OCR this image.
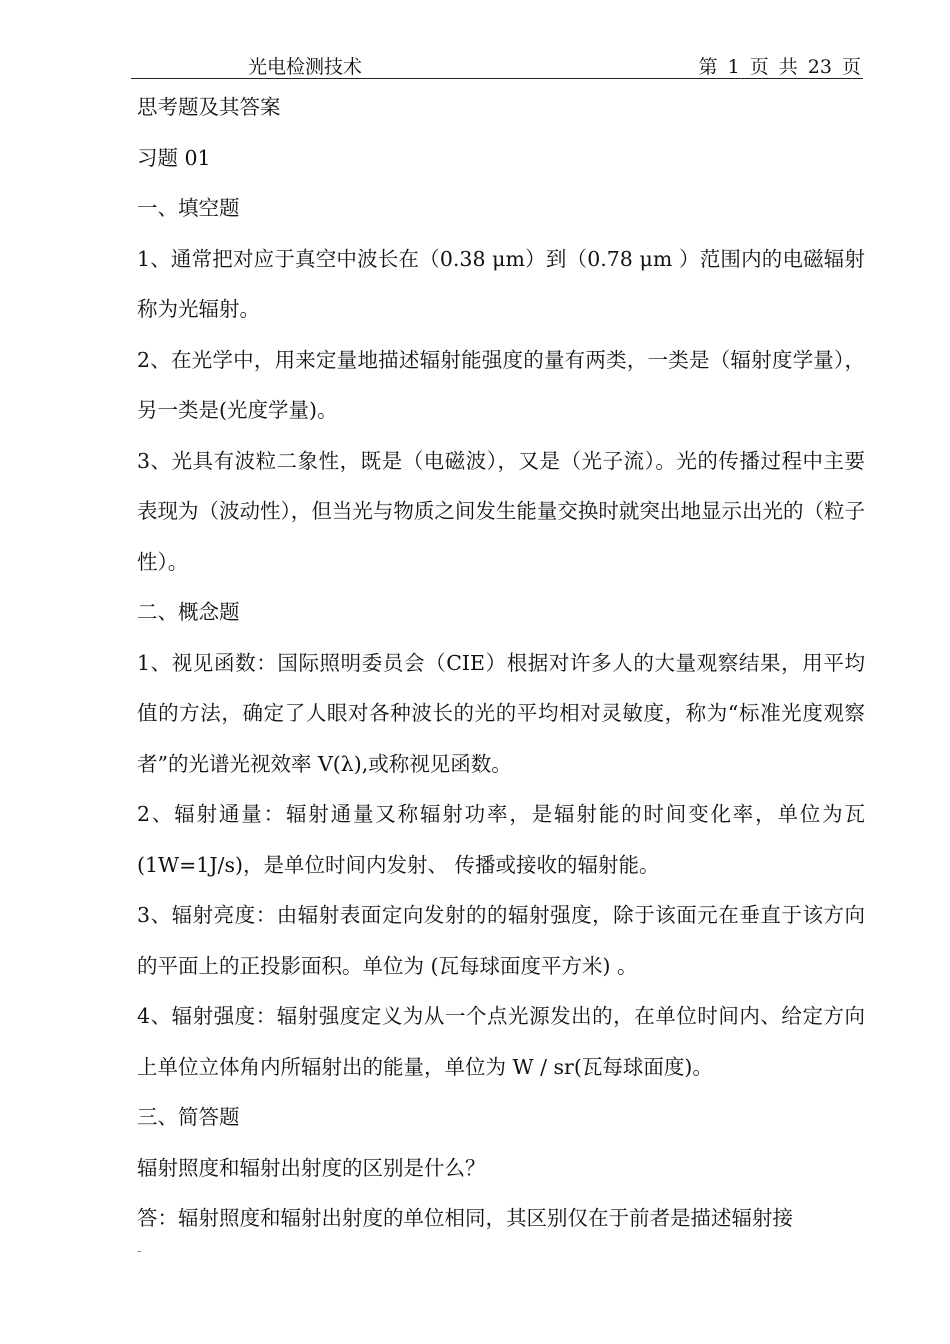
光电检测技术	第 1 页 共 23 页

思考题及其答案

习题 01

一、填空题

1、通常把对应于真空中波长在（0.38 μm）到（0.78 μm ）范围内的电磁辐射称为光辐射。

2、在光学中，用来定量地描述辐射能强度的量有两类，一类是（辐射度学量），另一类是(光度学量)。

3、光具有波粒二象性，既是（电磁波），又是（光子流）。光的传播过程中主要表现为（波动性），但当光与物质之间发生能量交换时就突出地显示出光的（粒子性）。

二、概念题

1、视见函数：国际照明委员会（CIE）根据对许多人的大量观察结果，用平均值的方法，确定了人眼对各种波长的光的平均相对灵敏度，称为“标准光度观察者”的光谱光视效率 V(λ),或称视见函数。

2、辐射通量：辐射通量又称辐射功率，是辐射能的时间变化率，单位为瓦(1W=1J/s)，是单位时间内发射、 传播或接收的辐射能。

3、辐射亮度：由辐射表面定向发射的的辐射强度，除于该面元在垂直于该方向的平面上的正投影面积。单位为 (瓦每球面度平方米) 。

4、辐射强度：辐射强度定义为从一个点光源发出的，在单位时间内、给定方向上单位立体角内所辐射出的能量，单位为 W / sr(瓦每球面度)。

三、简答题

辐射照度和辐射出射度的区别是什么？

答：辐射照度和辐射出射度的单位相同，其区别仅在于前者是描述辐射接

-
